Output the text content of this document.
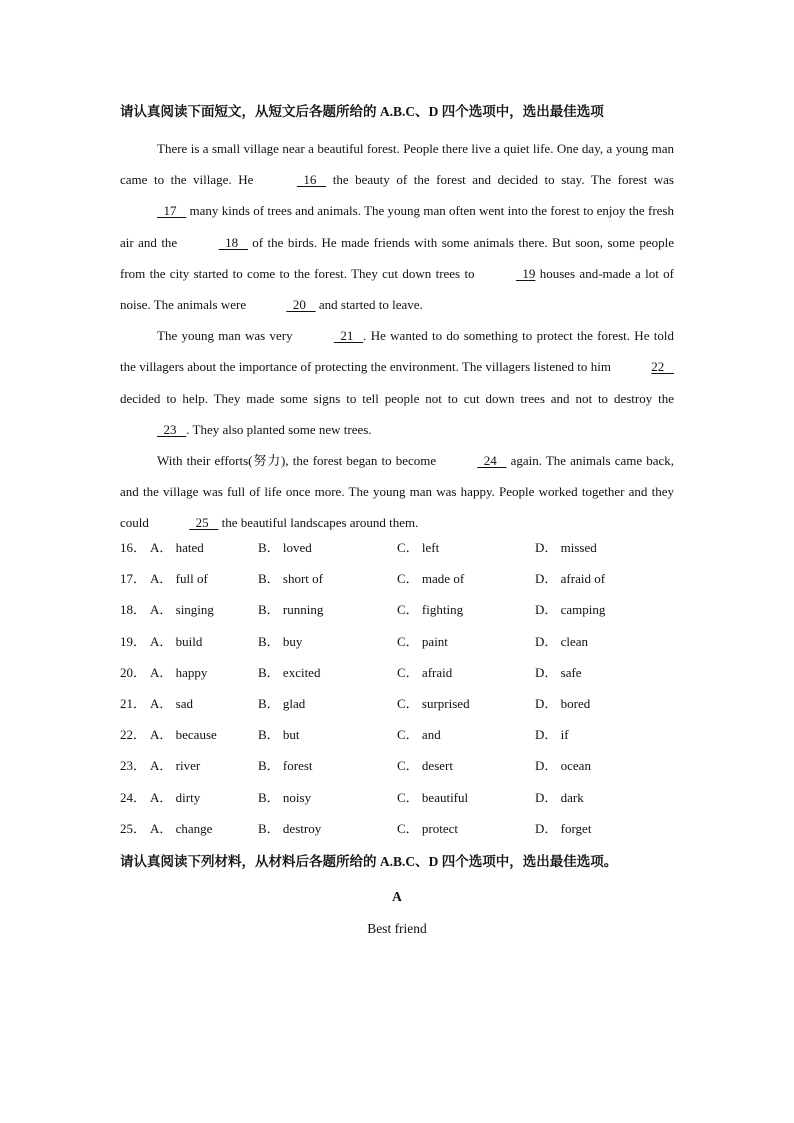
请认真阅读下面短文，从短文后各题所给的 A.B.C、D 四个选项中，选出最佳选项

There is a small village near a beautiful forest. People there live a quiet life. One day, a young man came to the village. He	16    the beauty of the forest and decided to stay. The forest was   17    many kinds of trees and animals. The young man often went into the forest to enjoy the fresh air and the	18    of the birds. He made friends with some animals there. But soon, some people from the city started to come to the forest. They cut down trees to	19 houses and-made a lot of noise. The animals were	20    and started to leave.

The young man was very	21   . He wanted to do something to protect the forest. He told the villagers about the importance of protecting the environment. The villagers listened to him	22    decided to help. They made some signs to tell people not to cut down trees and not to destroy the   23   . They also planted some new trees.

With their efforts(努力), the forest began to become	24    again. The animals came back, and the village was full of life once more. The young man was happy. People worked together and they could	25    the beautiful landscapes around them.

16． A． hated	B． loved	C． left	D． missed
17． A． full of	B． short of	C． made of	D． afraid of
18． A． singing	B． running	C． fighting	D． camping
19． A． build	B． buy	C． paint	D． clean
20． A． happy	B． excited	C． afraid	D． safe
21． A． sad	B． glad	C． surprised	D． bored
22． A． because	B． but	C． and	D． if
23． A． river	B． forest	C． desert	D． ocean
24． A． dirty	B． noisy	C． beautiful	D． dark
25． A． change	B． destroy	C． protect	D． forget
请认真阅读下列材料，从材料后各题所给的 A.B.C、D 四个选项中，选出最佳选项。
A
Best friend
